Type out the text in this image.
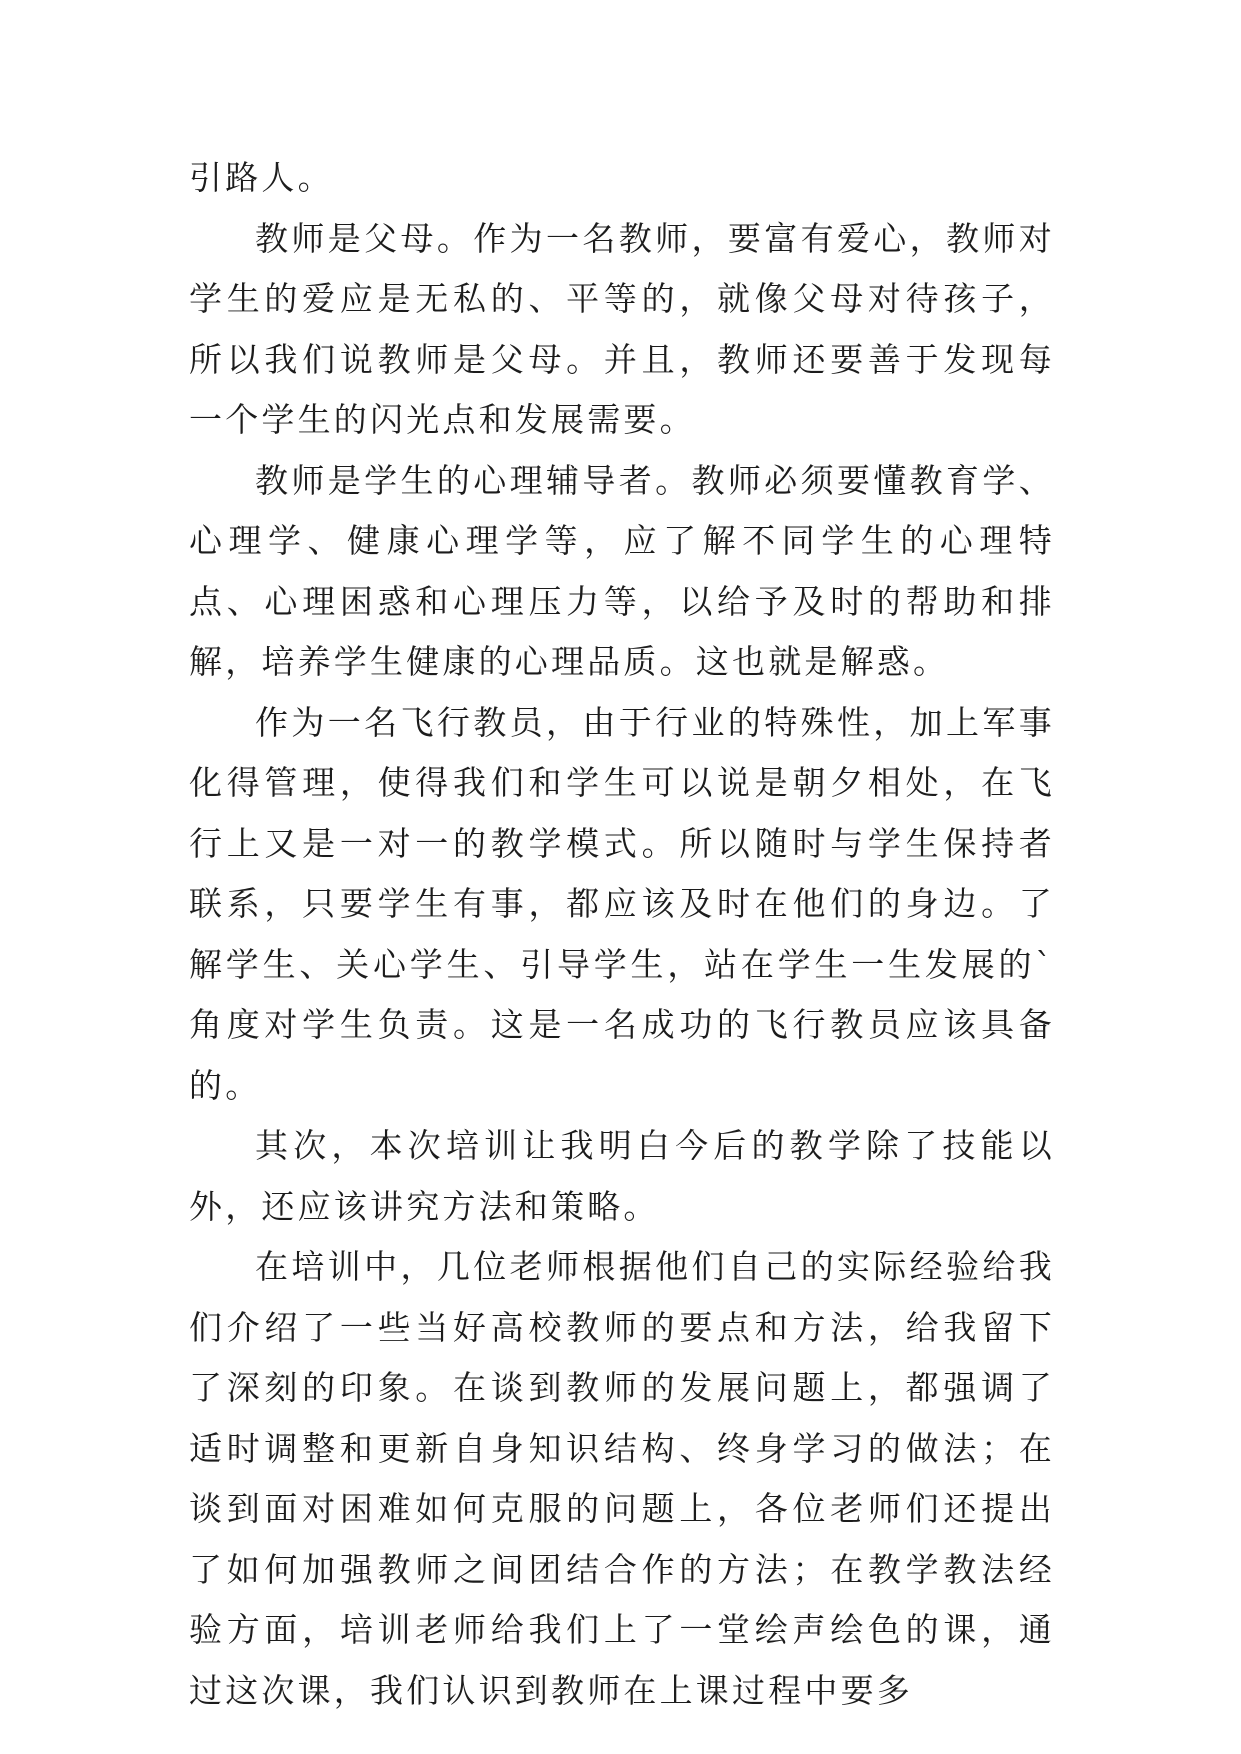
引路人。

教师是父母。作为一名教师，要富有爱心，教师对学生的爱应是无私的、平等的，就像父母对待孩子，所以我们说教师是父母。并且，教师还要善于发现每一个学生的闪光点和发展需要。

教师是学生的心理辅导者。教师必须要懂教育学、心理学、健康心理学等，应了解不同学生的心理特点、心理困惑和心理压力等，以给予及时的帮助和排解，培养学生健康的心理品质。这也就是解惑。

作为一名飞行教员，由于行业的特殊性，加上军事化得管理，使得我们和学生可以说是朝夕相处，在飞行上又是一对一的教学模式。所以随时与学生保持者联系，只要学生有事，都应该及时在他们的身边。了解学生、关心学生、引导学生，站在学生一生发展的`角度对学生负责。这是一名成功的飞行教员应该具备的。

其次，本次培训让我明白今后的教学除了技能以外，还应该讲究方法和策略。

在培训中，几位老师根据他们自己的实际经验给我们介绍了一些当好高校教师的要点和方法，给我留下了深刻的印象。在谈到教师的发展问题上，都强调了适时调整和更新自身知识结构、终身学习的做法；在谈到面对困难如何克服的问题上，各位老师们还提出了如何加强教师之间团结合作的方法；在教学教法经验方面，培训老师给我们上了一堂绘声绘色的课，通过这次课，我们认识到教师在上课过程中要多
